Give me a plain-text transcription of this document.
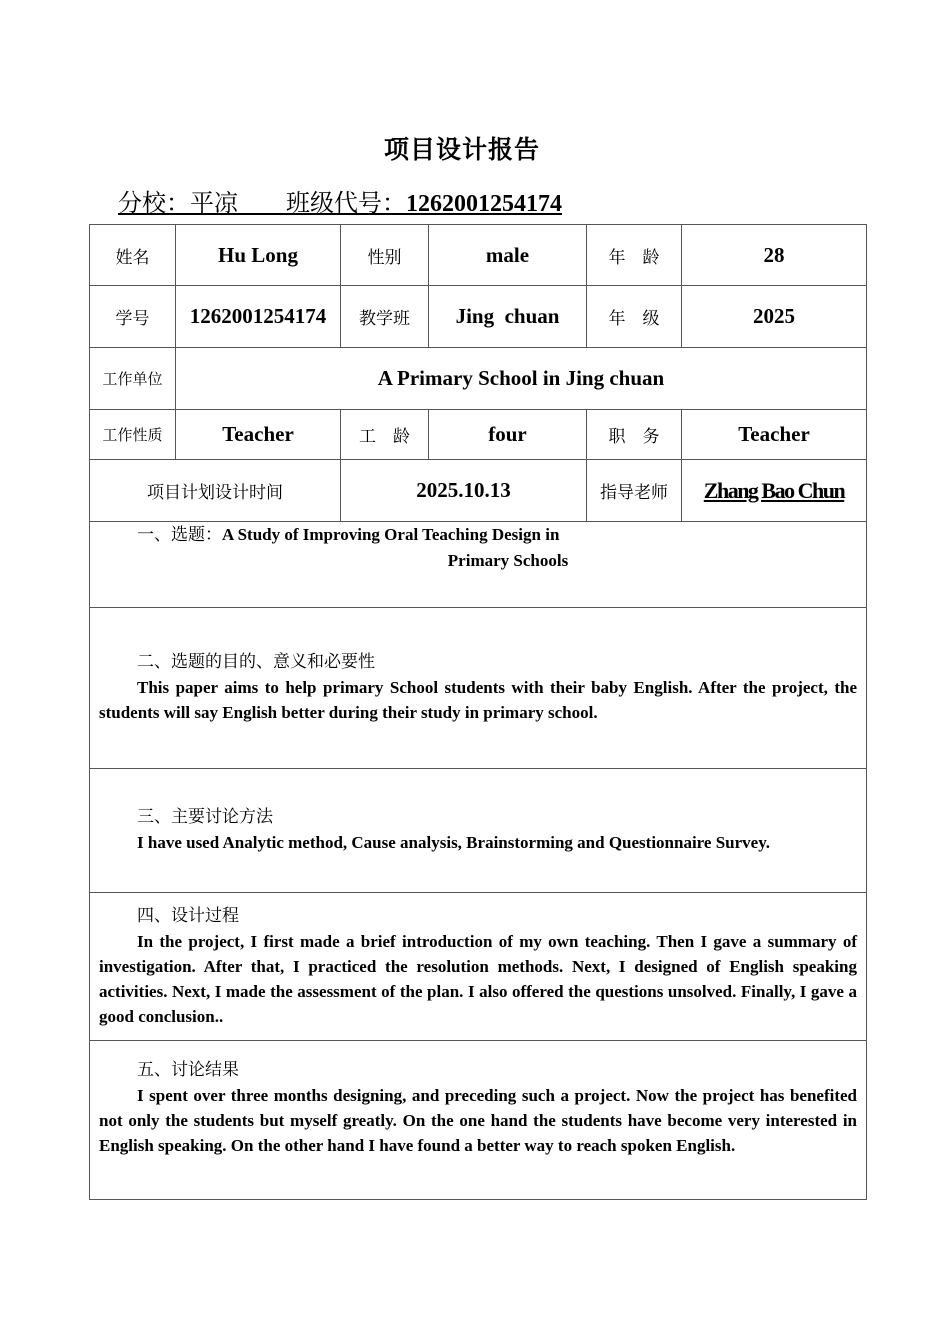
项目设计报告
分校：平凉 班级代号：1262001254174
姓名	Hu Long	性别	male	年　龄	28
学号	1262001254174	教学班	Jing  chuan	年　级	2025
工作单位	A Primary School in Jing chuan				
工作性质	Teacher	工　龄	four	职　务	Teacher
项目计划设计时间		2025.10.13		指导老师	Zhang Bao Chun

一、选题：A Study of Improving Oral Teaching Design in

Primary Schools					

二、选题的目的、意义和必要性

This paper aims to help primary School students with their baby English. After the project, the students will say English better during their study in primary school.					

三、主要讨论方法

I have used Analytic method, Cause analysis, Brainstorming and Questionnaire Survey.					

四、设计过程

In the project, I first made a brief introduction of my own teaching. Then I gave a summary of investigation. After that, I practiced the resolution methods. Next, I designed of English speaking activities. Next, I made the assessment of the plan. I also offered the questions unsolved. Finally, I gave a good conclusion..					

五、讨论结果

I spent over three months designing, and preceding such a project. Now the project has benefited not only the students but myself greatly. On the one hand the students have become very interested in English speaking. On the other hand I have found a better way to reach spoken English.					
